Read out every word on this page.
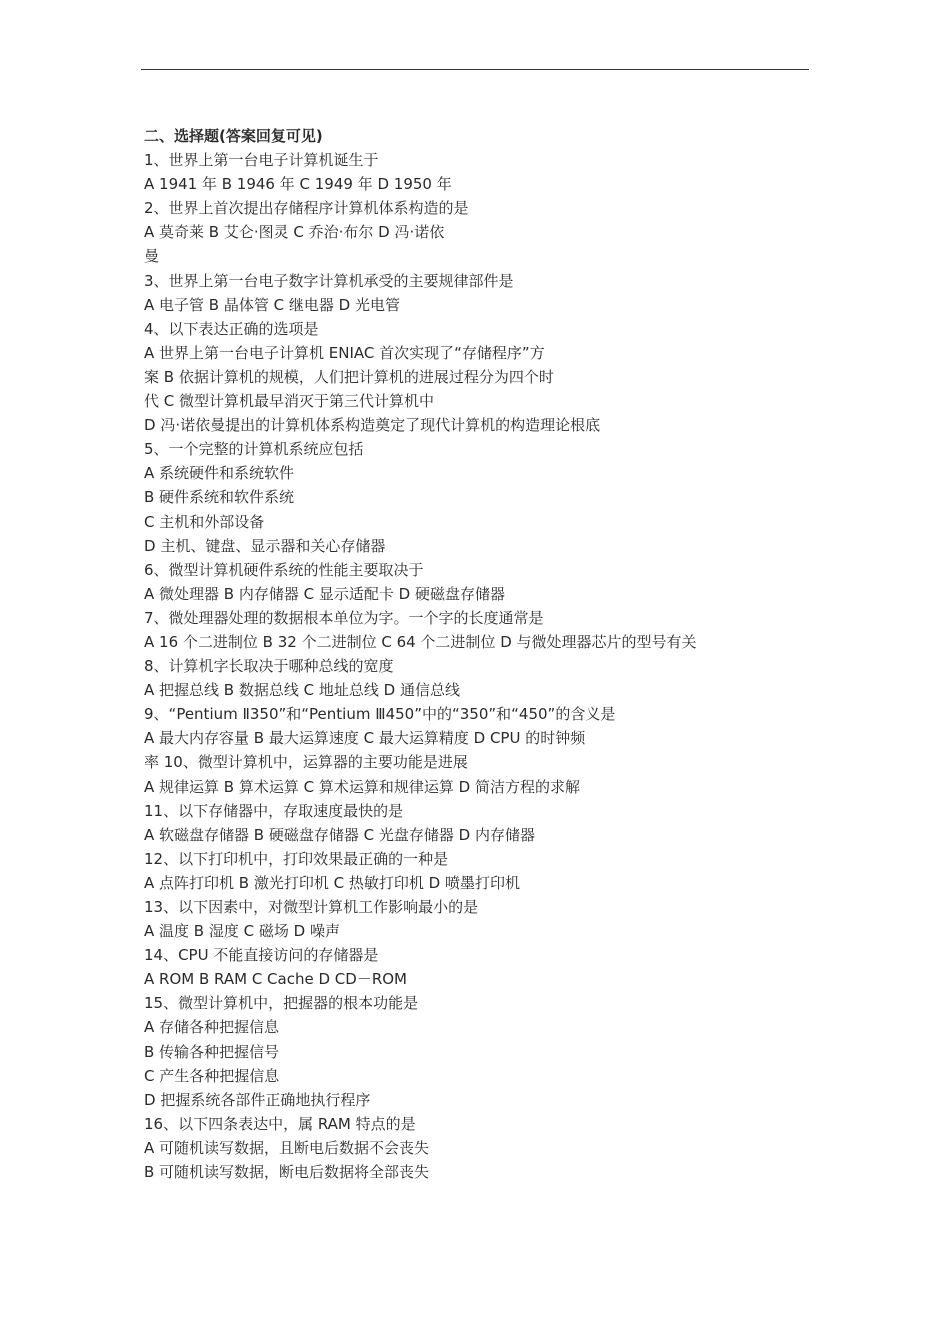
二、选择题(答案回复可见)
1、世界上第一台电子计算机诞生于
A 1941 年 B 1946 年 C 1949 年 D 1950 年
2、世界上首次提出存储程序计算机体系构造的是
A 莫奇莱 B 艾仑·图灵 C 乔治·布尔 D 冯·诺依
曼
3、世界上第一台电子数字计算机承受的主要规律部件是
A 电子管 B 晶体管 C 继电器 D 光电管
4、以下表达正确的选项是
A 世界上第一台电子计算机 ENIAC 首次实现了“存储程序”方
案 B 依据计算机的规模，人们把计算机的进展过程分为四个时
代 C 微型计算机最早消灭于第三代计算机中
D 冯·诺依曼提出的计算机体系构造奠定了现代计算机的构造理论根底
5、一个完整的计算机系统应包括
A 系统硬件和系统软件
B 硬件系统和软件系统
C 主机和外部设备
D 主机、键盘、显示器和关心存储器
6、微型计算机硬件系统的性能主要取决于
A 微处理器 B 内存储器 C 显示适配卡 D 硬磁盘存储器
7、微处理器处理的数据根本单位为字。一个字的长度通常是
A 16 个二进制位 B 32 个二进制位 C 64 个二进制位 D 与微处理器芯片的型号有关
8、计算机字长取决于哪种总线的宽度
A 把握总线 B 数据总线 C 地址总线 D 通信总线
9、“Pentium Ⅱ350”和“Pentium Ⅲ450”中的“350”和“450”的含义是
A 最大内存容量 B 最大运算速度 C 最大运算精度 D CPU 的时钟频
率 10、微型计算机中，运算器的主要功能是进展
A 规律运算 B 算术运算 C 算术运算和规律运算 D 简洁方程的求解
11、以下存储器中，存取速度最快的是
A 软磁盘存储器 B 硬磁盘存储器 C 光盘存储器 D 内存储器
12、以下打印机中，打印效果最正确的一种是
A 点阵打印机 B 激光打印机 C 热敏打印机 D 喷墨打印机
13、以下因素中，对微型计算机工作影响最小的是
A 温度 B 湿度 C 磁场 D 噪声
14、CPU 不能直接访问的存储器是
A ROM B RAM C Cache D CD－ROM
15、微型计算机中，把握器的根本功能是
A 存储各种把握信息
B 传输各种把握信号
C 产生各种把握信息
D 把握系统各部件正确地执行程序
16、以下四条表达中，属 RAM 特点的是
A 可随机读写数据，且断电后数据不会丧失
B 可随机读写数据，断电后数据将全部丧失
